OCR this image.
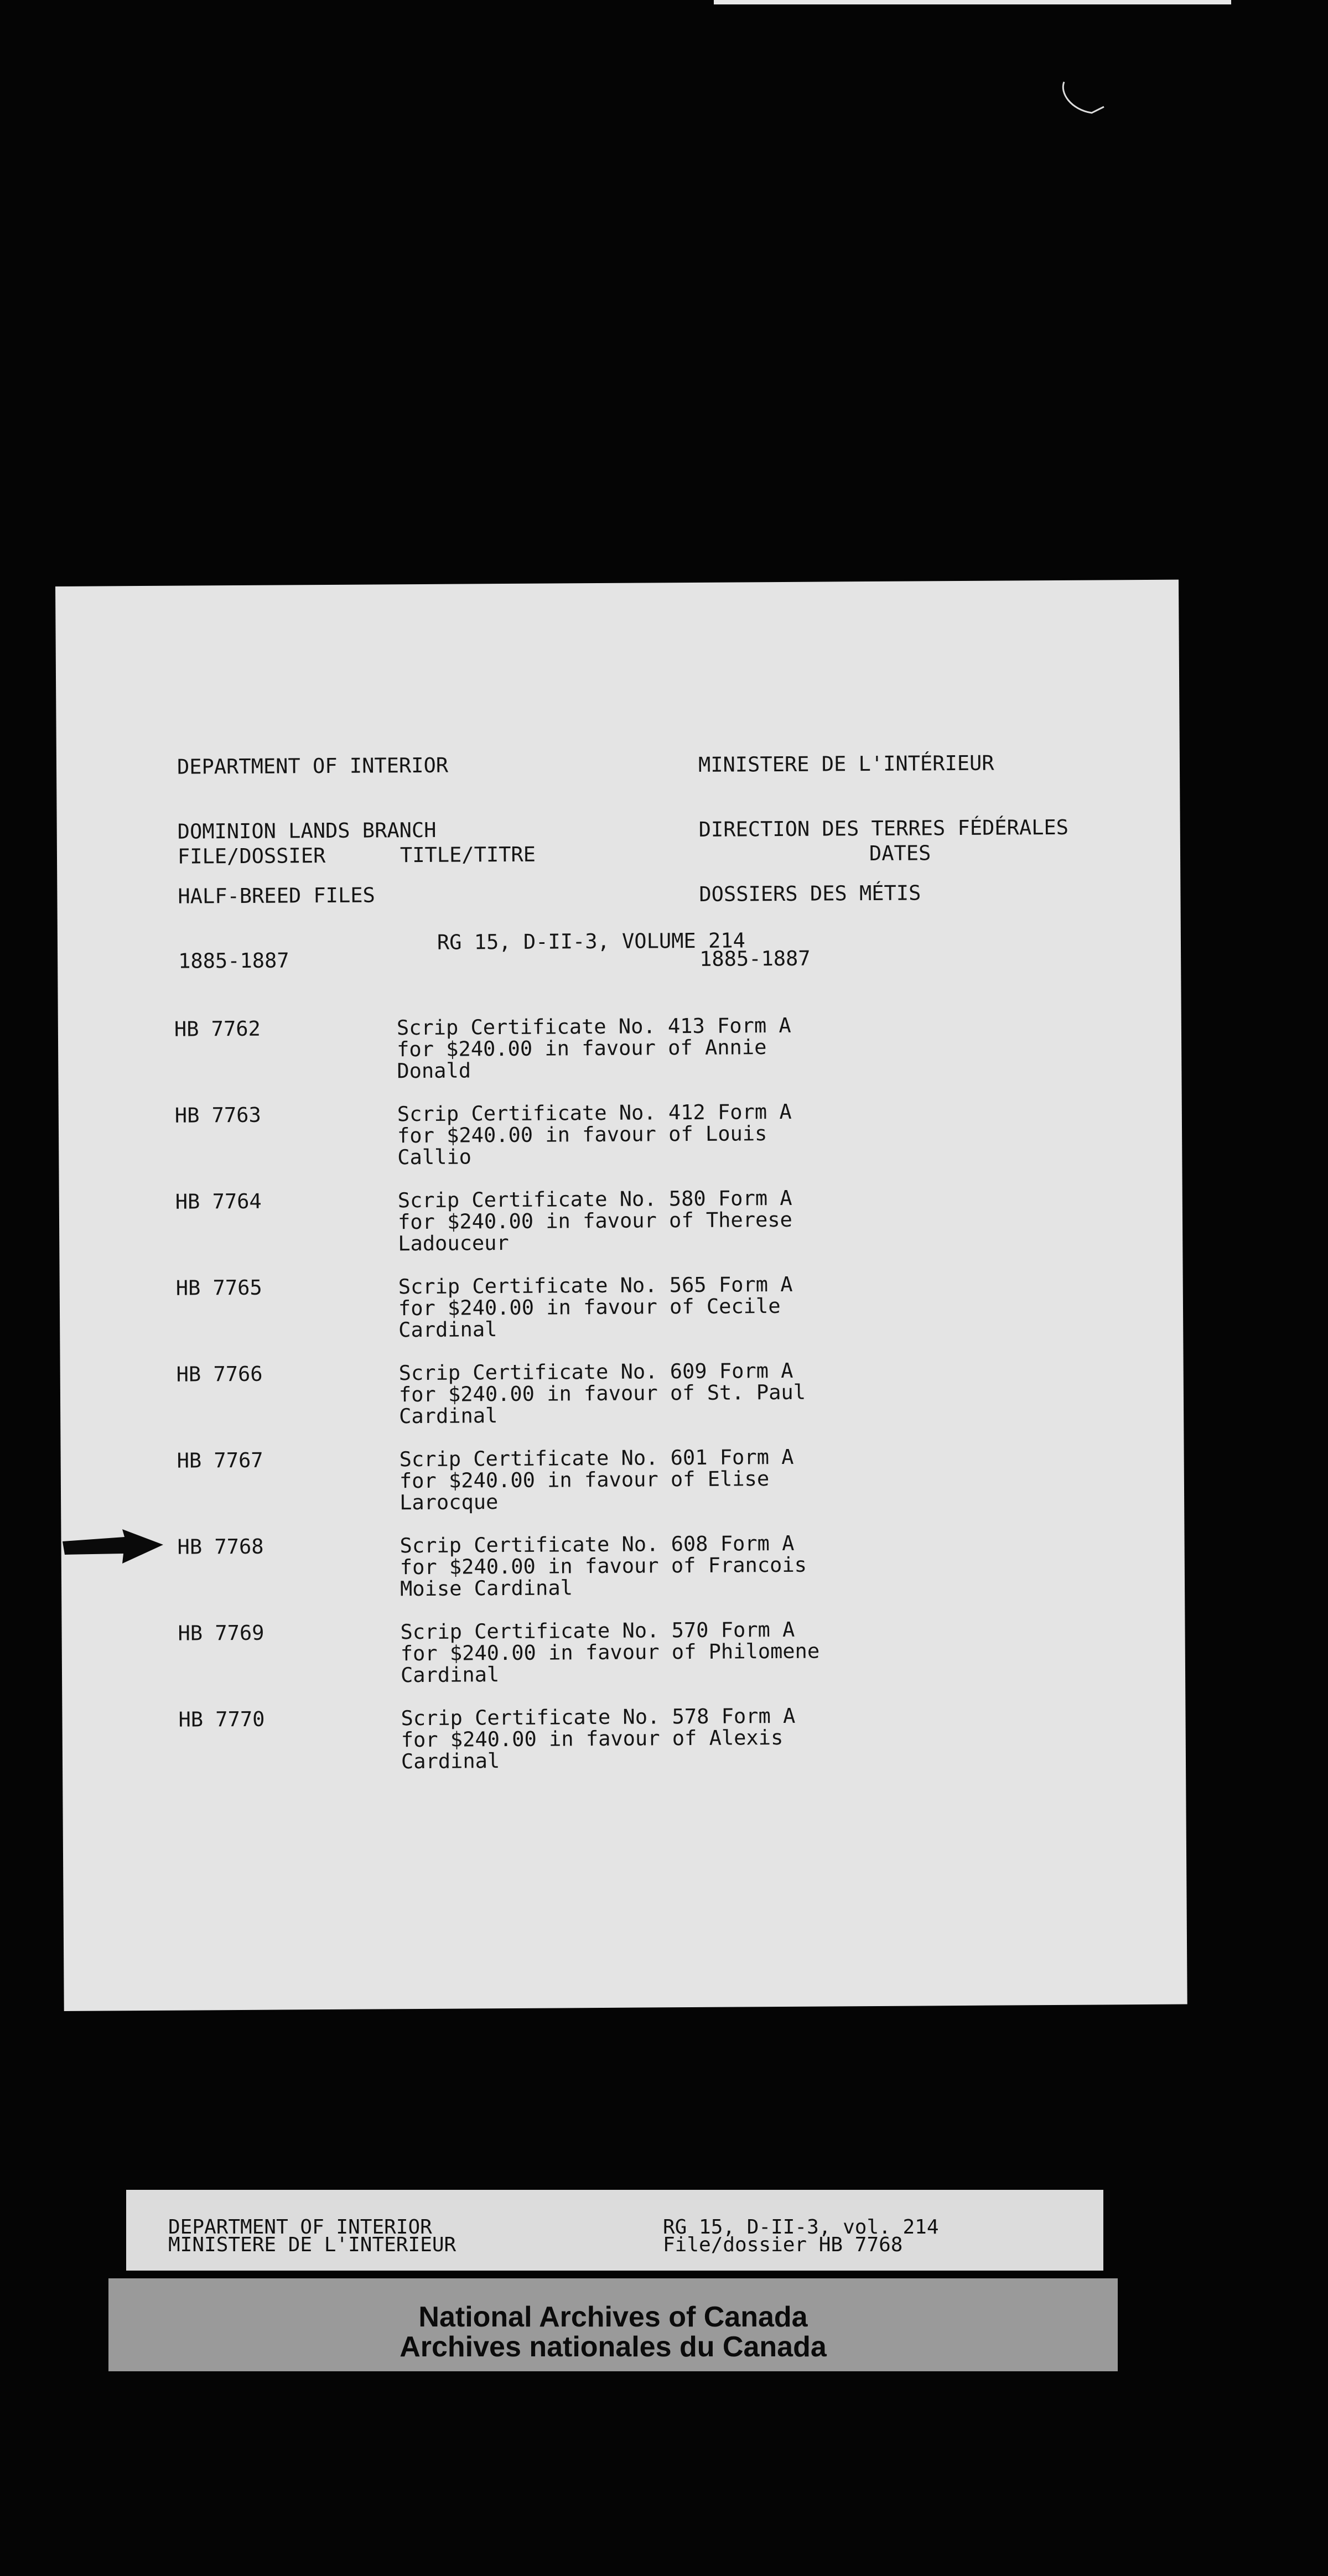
DEPARTMENT OF INTERIOR

DOMINION LANDS BRANCH

HALF-BREED FILES

1885-1887

MINISTERE DE L'INTÉRIEUR

DIRECTION DES TERRES FÉDÉRALES

DOSSIERS DES MÉTIS

1885-1887

FILE/DOSSIER	TITLE/TITRE	DATES
RG 15, D-II-3, VOLUME 214
HB 7762	Scrip Certificate No. 413 Form A
for $240.00 in favour of Annie
Donald
HB 7763	Scrip Certificate No. 412 Form A
for $240.00 in favour of Louis
Callio
HB 7764	Scrip Certificate No. 580 Form A
for $240.00 in favour of Therese
Ladouceur
HB 7765	Scrip Certificate No. 565 Form A
for $240.00 in favour of Cecile
Cardinal
HB 7766	Scrip Certificate No. 609 Form A
for $240.00 in favour of St. Paul
Cardinal
HB 7767	Scrip Certificate No. 601 Form A
for $240.00 in favour of Elise
Larocque
HB 7768	Scrip Certificate No. 608 Form A
for $240.00 in favour of Francois
Moise Cardinal
HB 7769	Scrip Certificate No. 570 Form A
for $240.00 in favour of Philomene
Cardinal
HB 7770	Scrip Certificate No. 578 Form A
for $240.00 in favour of Alexis
Cardinal
DEPARTMENT OF INTERIOR
MINISTERE DE L'INTERIEUR
RG 15, D-II-3, vol. 214
File/dossier HB 7768
National Archives of Canada
Archives nationales du Canada
